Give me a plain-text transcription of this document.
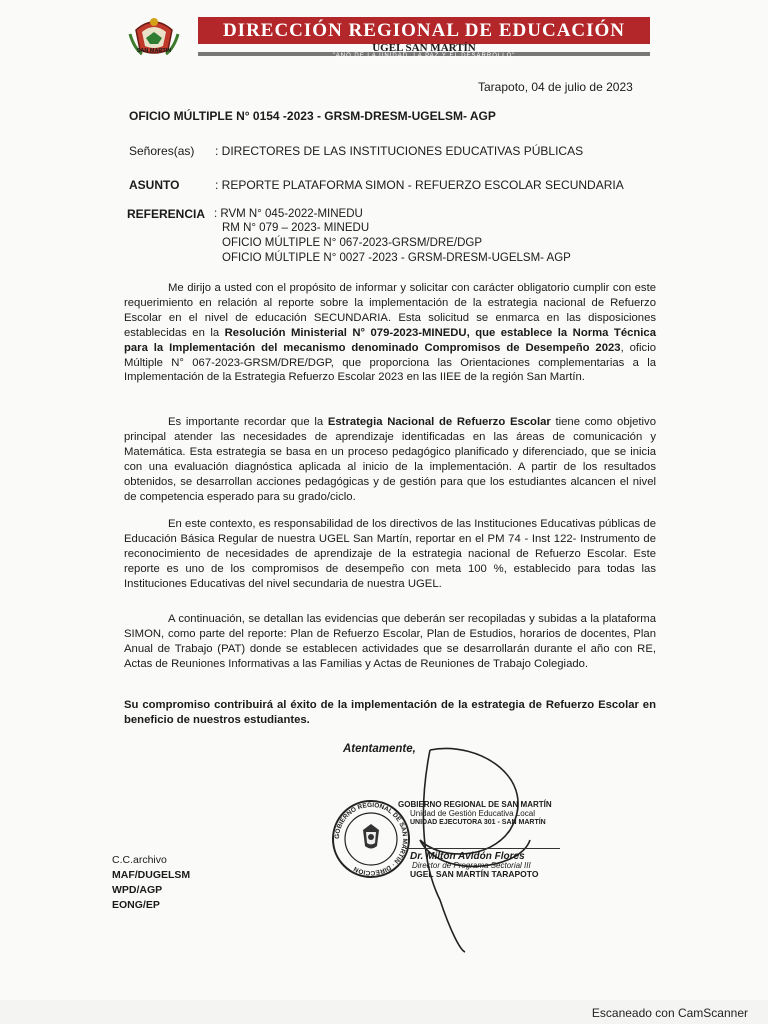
SAN MARTIN
DIRECCIÓN REGIONAL DE EDUCACIÓN
UGEL SAN MARTÍN
"AÑO DE LA UNIDAD, LA PAZ Y EL DESARROLLO"
Tarapoto, 04 de julio de 2023
OFICIO MÚLTIPLE N° 0154 -2023 - GRSM-DRESM-UGELSM- AGP
Señores(as) : DIRECTORES DE LAS INSTITUCIONES EDUCATIVAS PÚBLICAS
ASUNTO	: REPORTE PLATAFORMA SIMON - REFUERZO ESCOLAR SECUNDARIA
REFERENCIA : RVM N° 045-2022-MINEDU
RM N° 079 – 2023- MINEDU
OFICIO MÚLTIPLE N° 067-2023-GRSM/DRE/DGP
OFICIO MÚLTIPLE N° 0027 -2023 - GRSM-DRESM-UGELSM- AGP
Me dirijo a usted con el propósito de informar y solicitar con carácter obligatorio cumplir con este requerimiento en relación al reporte sobre la implementación de la estrategia nacional de Refuerzo Escolar en el nivel de educación SECUNDARIA. Esta solicitud se enmarca en las disposiciones establecidas en la Resolución Ministerial N° 079-2023-MINEDU, que establece la Norma Técnica para la Implementación del mecanismo denominado Compromisos de Desempeño 2023, oficio Múltiple N° 067-2023-GRSM/DRE/DGP, que proporciona las Orientaciones complementarias a la Implementación de la Estrategia Refuerzo Escolar 2023 en las IIEE de la región San Martín.
Es importante recordar que la Estrategia Nacional de Refuerzo Escolar tiene como objetivo principal atender las necesidades de aprendizaje identificadas en las áreas de comunicación y Matemática. Esta estrategia se basa en un proceso pedagógico planificado y diferenciado, que se inicia con una evaluación diagnóstica aplicada al inicio de la implementación. A partir de los resultados obtenidos, se desarrollan acciones pedagógicas y de gestión para que los estudiantes alcancen el nivel de competencia esperado para su grado/ciclo.
En este contexto, es responsabilidad de los directivos de las Instituciones Educativas públicas de Educación Básica Regular de nuestra UGEL San Martín, reportar en el PM 74 - Inst 122- Instrumento de reconocimiento de necesidades de aprendizaje de la estrategia nacional de Refuerzo Escolar. Este reporte es uno de los compromisos de desempeño con meta 100 %, establecido para todas las Instituciones Educativas del nivel secundaria de nuestra UGEL.
A continuación, se detallan las evidencias que deberán ser recopiladas y subidas a la plataforma SIMON, como parte del reporte: Plan de Refuerzo Escolar, Plan de Estudios, horarios de docentes, Plan Anual de Trabajo (PAT) donde se establecen actividades que se desarrollarán durante el año con RE, Actas de Reuniones Informativas a las Familias y Actas de Reuniones de Trabajo Colegiado.
Su compromiso contribuirá al éxito de la implementación de la estrategia de Refuerzo Escolar en beneficio de nuestros estudiantes.
Atentamente,
GOBIERNO REGIONAL DE SAN MARTÍN · DIRECCIÓN
GOBIERNO REGIONAL DE SAN MARTÍN
Unidad de Gestión Educativa Local
UNIDAD EJECUTORA 301 - SAN MARTÍN
Dr. Milton Avidón Flores
Director de Programa Sectorial III
UGEL SAN MARTÍN TARAPOTO
C.C.archivo
MAF/DUGELSM
WPD/AGP
EONG/EP
Escaneado con CamScanner
